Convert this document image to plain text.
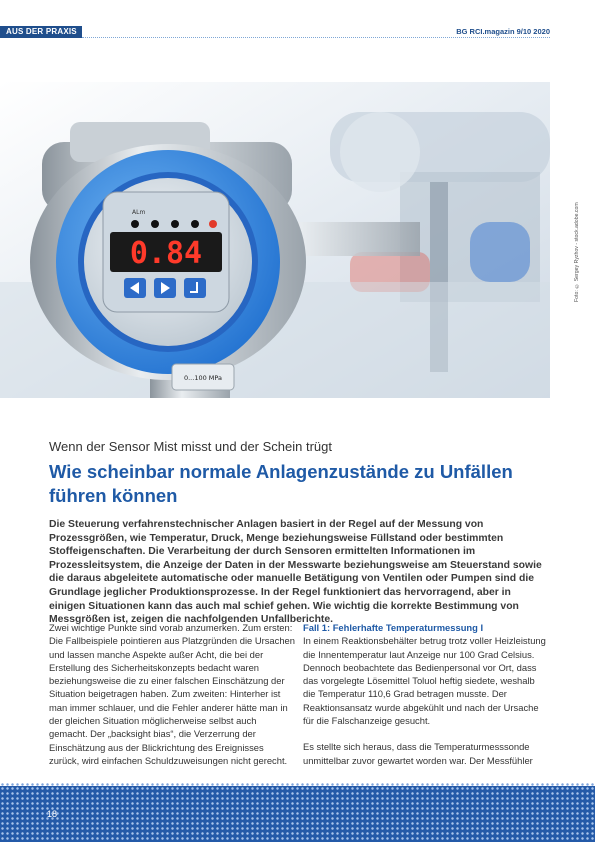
AUS DER PRAXIS	BG RCI.magazin 9/10 2020
0.84
ALm
0...100 MPa
Foto: © Sergey Ryzhov - stock.adobe.com
Wenn der Sensor Mist misst und der Schein trügt
Wie scheinbar normale Anlagenzustände zu Unfällen führen können

Die Steuerung verfahrenstechnischer Anlagen basiert in der Regel auf der Messung von Prozessgrößen, wie Temperatur, Druck, Menge beziehungsweise Füllstand oder bestimmten Stoffeigenschaften. Die Verarbeitung der durch Sensoren ermittelten Informationen im Prozessleitsystem, die Anzeige der Daten in der Messwarte beziehungsweise am Steuerstand sowie die daraus abgeleitete automatische oder manuelle Betätigung von Ventilen oder Pumpen sind die Grundlage jeglicher Produktionsprozesse. In der Regel funktioniert das hervorragend, aber in einigen Situationen kann das auch mal schief gehen. Wie wichtig die korrekte Bestimmung von Messgrößen ist, zeigen die nachfolgenden Unfallberichte.

Zwei wichtige Punkte sind vorab anzumerken. Zum ersten: Die Fallbeispiele pointieren aus Platzgründen die Ursachen und lassen manche Aspekte außer Acht, die bei der Erstellung des Sicherheitskonzepts bedacht waren beziehungsweise die zu einer falschen Einschätzung der Situation beigetragen haben. Zum zweiten: Hinterher ist man immer schlauer, und die Fehler anderer hätte man in der gleichen Situation möglicherweise selbst auch gemacht. Der „backsight bias“, die Verzerrung der Einschätzung aus der Blickrichtung des Ereignisses zurück, wird einfachen Schuldzuweisungen nicht gerecht.

Fall 1: Fehlerhafte Temperaturmessung I

In einem Reaktionsbehälter betrug trotz voller Heizleistung die Innentemperatur laut Anzeige nur 100 Grad Celsius. Dennoch beobachtete das Bedienpersonal vor Ort, dass das vorgelegte Lösemittel Toluol heftig siedete, weshalb die Temperatur 110,6 Grad betragen musste. Der Reaktionsansatz wurde abgekühlt und nach der Ursache für die Falschanzeige gesucht.

Es stellte sich heraus, dass die Temperaturmesssonde unmittelbar zuvor gewartet worden war. Der Messfühler

18
